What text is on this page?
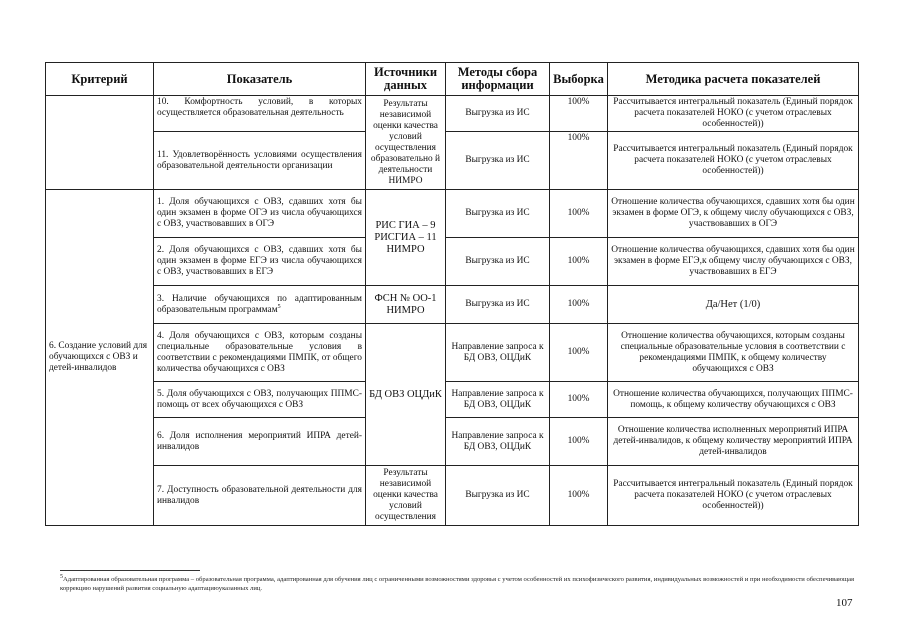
Критерий	Показатель	Источники данных	Методы сбора информации	Выборка	Методика расчета показателей
	10. Комфортность условий, в которых осуществляется образовательная деятельность	Результаты независимой оценки качества условий осуществления образовательно й деятельности НИМРО	Выгрузка из ИС	100%	Рассчитывается интегральный показатель (Единый порядок расчета показателей НОКО (с учетом отраслевых особенностей))
	11. Удовлетворённость условиями осуществления образовательной деятельности организации		Выгрузка из ИС	100%	Рассчитывается интегральный показатель (Единый порядок расчета показателей НОКО (с учетом отраслевых особенностей))
6. Создание условий для обучающихся с ОВЗ и детей-инвалидов	1. Доля обучающихся с ОВЗ, сдавших хотя бы один экзамен в форме ОГЭ из числа обучающихся с ОВЗ, участвовавших в ОГЭ	РИС ГИА – 9 РИСГИА – 11 НИМРО	Выгрузка из ИС	100%	Отношение количества обучающихся, сдавших хотя бы один экзамен в форме ОГЭ, к общему числу обучающихся с ОВЗ, участвовавших в ОГЭ
	2. Доля обучающихся с ОВЗ, сдавших хотя бы один экзамен в форме ЕГЭ из числа обучающихся с ОВЗ, участвовавших в ЕГЭ		Выгрузка из ИС	100%	Отношение количества обучающихся, сдавших хотя бы один экзамен в форме ЕГЭ,к общему числу обучающихся с ОВЗ, участвовавших в ЕГЭ
	3. Наличие обучающихся по адаптированным образовательным программам$^5$	ФСН № ОО-1 НИМРО	Выгрузка из ИС	100%	Да/Нет (1/0)
	4. Доля обучающихся с ОВЗ, которым созданы специальные образовательные условия в соответствии с рекомендациями ПМПК, от общего количества обучающихся с ОВЗ	БД ОВЗ ОЦДиК	Направление запроса к БД ОВЗ, ОЦДиК	100%	Отношение количества обучающихся, которым созданы специальные образовательные условия в соответствии с рекомендациями ПМПК, к общему количеству обучающихся с ОВЗ
	5. Доля обучающихся с ОВЗ, получающих ППМС-помощь от всех обучающихся с ОВЗ		Направление запроса к БД ОВЗ, ОЦДиК	100%	Отношение количества обучающихся, получающих ППМС-помощь, к общему количеству обучающихся с ОВЗ
	6. Доля исполнения мероприятий ИПРА детей-инвалидов		Направление запроса к БД ОВЗ, ОЦДиК	100%	Отношение количества исполненных мероприятий ИПРА детей-инвалидов, к общему количеству мероприятий ИПРА детей-инвалидов
	7. Доступность образовательной деятельности для инвалидов	Результаты независимой оценки качества условий осуществления	Выгрузка из ИС	100%	Рассчитывается интегральный показатель (Единый порядок расчета показателей НОКО (с учетом отраслевых особенностей))
$^5$Адаптированная образовательная программа – образовательная программа, адаптированная для обучения лиц с ограниченными возможностями здоровья с учетом особенностей их психофизического развития, индивидуальных возможностей и при необходимости обеспечивающая коррекцию нарушений развития социальную адаптациюуказанных лиц.
107
